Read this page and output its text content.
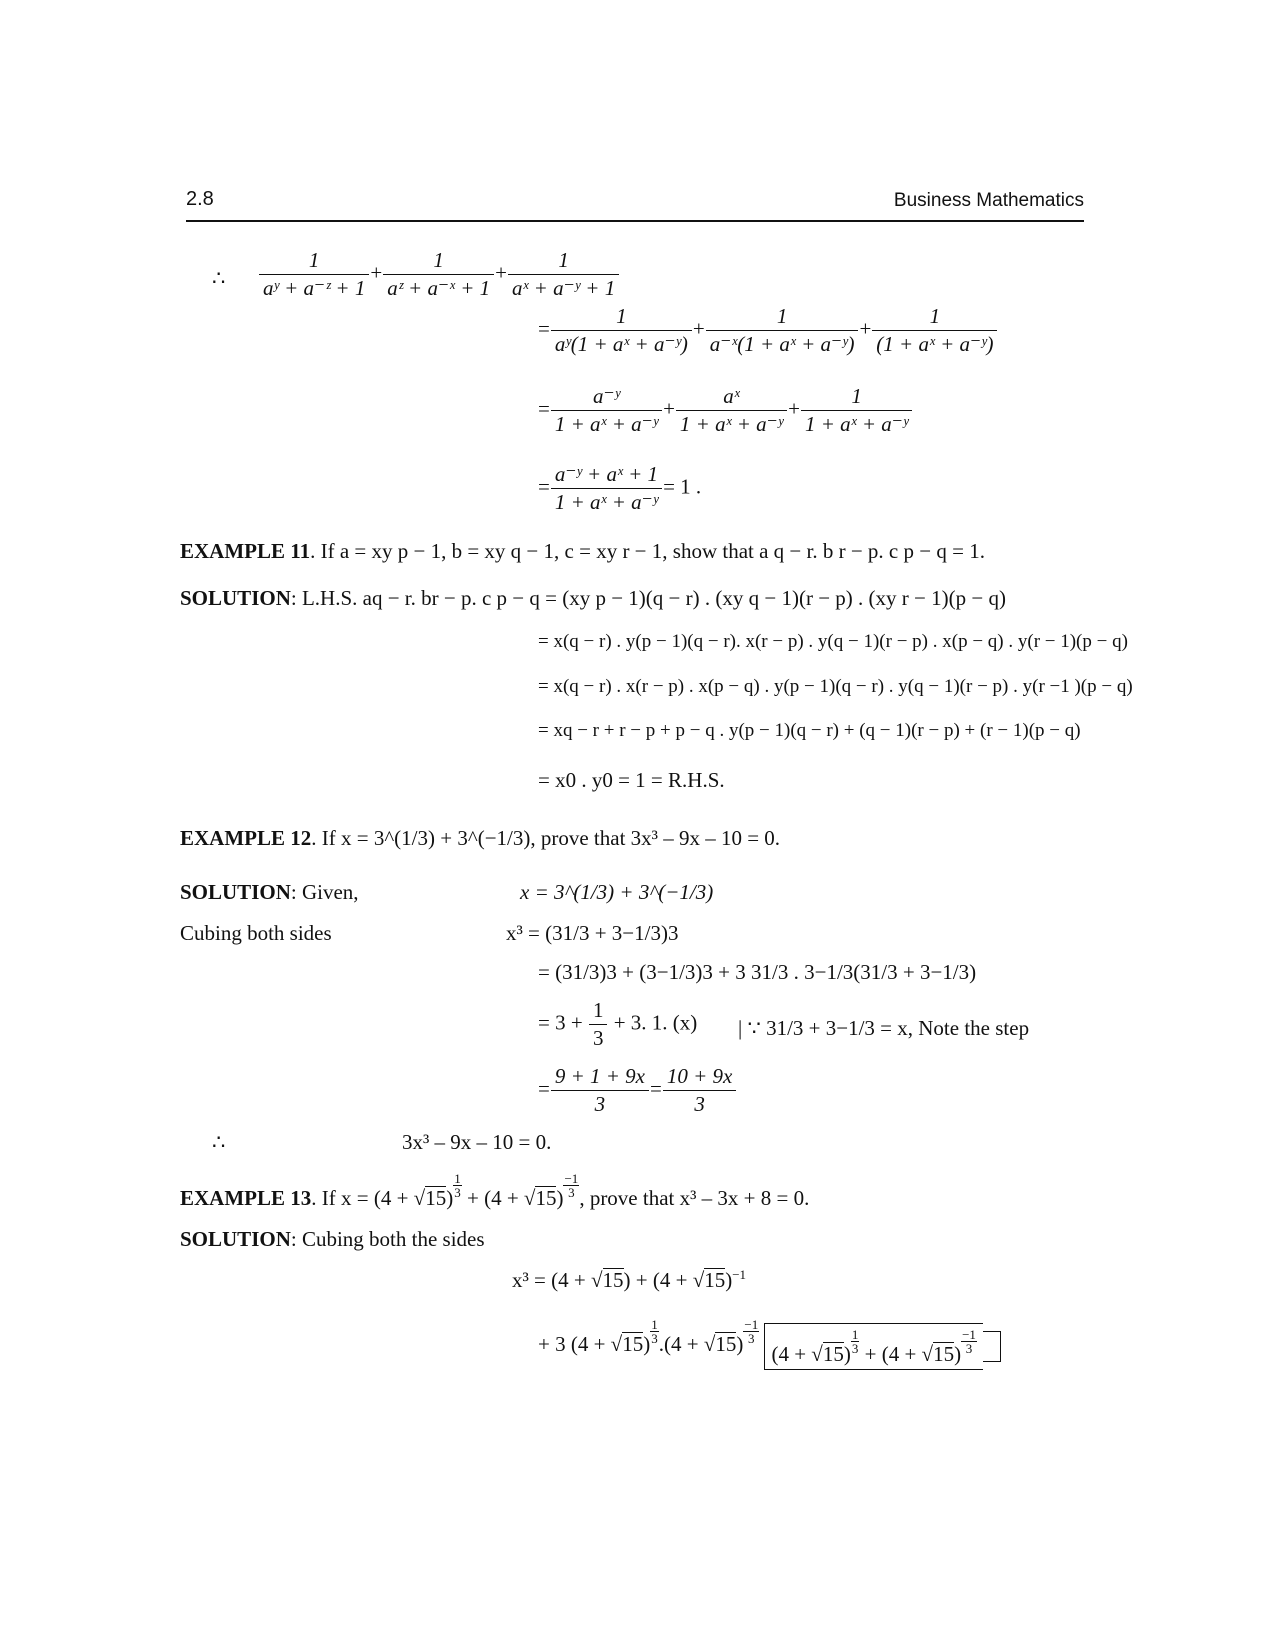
2.8	Business Mathematics
∴ $\frac{1}{\text{aʸ + a⁻ᶻ + 1}} + \frac{1}{\text{aᶻ + a⁻ˣ + 1}} + \frac{1}{\text{aˣ + a⁻ʸ + 1}}$
= $\frac{1}{\text{aʸ(1 + aˣ + a⁻ʸ)}} + \frac{1}{\text{a⁻ˣ(1 + aˣ + a⁻ʸ)}} + \frac{1}{\text{(1 + aˣ + a⁻ʸ)}}$
= $\frac{\text{a⁻ʸ}}{\text{1 + aˣ + a⁻ʸ}} + \frac{\text{aˣ}}{\text{1 + aˣ + a⁻ʸ}} + \frac{1}{\text{1 + aˣ + a⁻ʸ}}$
= $\frac{\text{a⁻ʸ + aˣ + 1}}{\text{1 + aˣ + a⁻ʸ}} = 1$ .
EXAMPLE 11. If a = xy p − 1, b = xy q − 1, c = xy r − 1, show that a q − r. b r − p. c p − q = 1.
SOLUTION: L.H.S. aq − r. br − p. c p − q = (xy p − 1)(q − r) . (xy q − 1)(r − p) . (xy r − 1)(p − q)
= x(q − r) . y(p − 1)(q − r). x(r − p) . y(q − 1)(r − p) . x(p − q) . y(r − 1)(p − q)
= x(q − r) . x(r − p) . x(p − q) . y(p − 1)(q − r) . y(q − 1)(r − p) . y(r −1 )(p − q)
= xq − r + r − p + p − q . y(p − 1)(q − r) + (q − 1)(r − p) + (r − 1)(p − q)
= x0 . y0 = 1 = R.H.S.
EXAMPLE 12. If x = 3^(1/3) + 3^(−1/3), prove that 3x³ – 9x – 10 = 0.
SOLUTION: Given,	x = 3^(1/3) + 3^(−1/3)
Cubing both sides	x³ = (31/3 + 3−1/3)3
= (31/3)3 + (3−1/3)3 + 3 31/3 . 3−1/3(31/3 + 3−1/3)
= $3 + \frac{1}{3} + 3$. 1. (x) | ∵ 31/3 + 3−1/3 = x, Note the step
= $\frac{9 + 1 + 9x}{3} = \frac{10 + 9x}{3}$
∴	3x³ – 9x – 10 = 0.
EXAMPLE 13. If $x = (4 + √15) \frac{1}{3} + (4 + √15) \frac{-1}{3}$ , prove that x³ – 3x + 8 = 0.
SOLUTION: Cubing both the sides
$x^3 = (4 + √15) + (4 + √15)^{-1}$
+ 3 $(4 + √15) \frac{1}{3} .(4 + √15) \frac{-1}{3}$
$(4 + √15) \frac{1}{3} + (4 + √15) \frac{-1}{3}$
